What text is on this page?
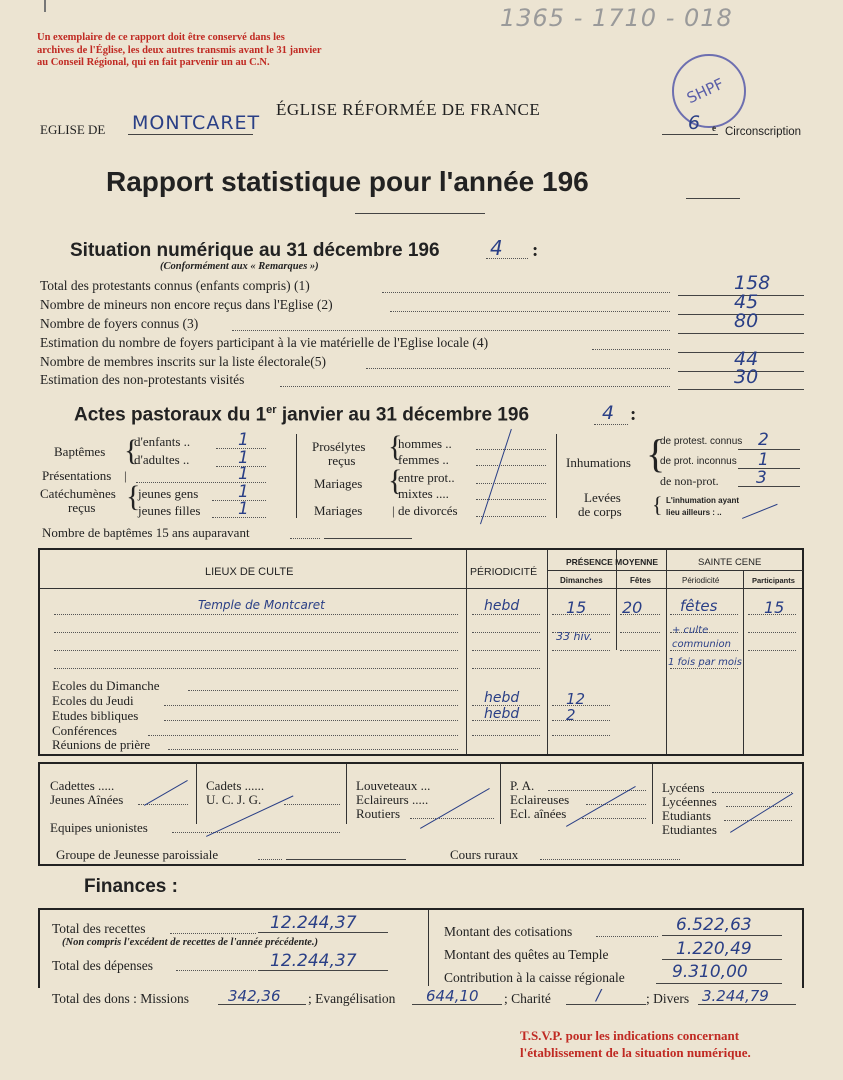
1365 - 1710 - 018
Un exemplaire de ce rapport doit être conservé dans les
archives de l'Église, les deux autres transmis avant le 31 janvier
au Conseil Régional, qui en fait parvenir un au C.N.
SHPF
ÉGLISE RÉFORMÉE DE FRANCE
EGLISE DE MONTCARET	6 e Circonscription
Rapport statistique pour l'année 196
Situation numérique au 31 décembre 196	4 :
(Conformément aux « Remarques »)
Total des protestants connus (enfants compris) (1)	158
Nombre de mineurs non encore reçus dans l'Eglise (2)	45
Nombre de foyers connus (3)	80
Estimation du nombre de foyers participant à la vie matérielle de l'Eglise locale (4)
Nombre de membres inscrits sur la liste électorale(5)	44
Estimation des non-protestants visités	30
Actes pastoraux du 1er janvier au 31 décembre 196	4 :
Baptêmes {
d'enfants ..	1
d'adultes ..	1
Présentations |	1
Catéchumènes
reçus {
jeunes gens 1
jeunes filles 1
Prosélytes
reçus {
hommes ..
femmes ..
Mariages {
entre prot..
mixtes ....
Mariages | de divorcés
Inhumations {
de protest. connus 2
de prot. inconnus 1
de non-prot. 3
Levées
de corps { L'inhumation ayant
lieu ailleurs : ..
Nombre de baptêmes 15 ans auparavant
LIEUX DE CULTE	PÉRIODICITÉ
PRÉSENCE MOYENNE
Dimanches	Fêtes
SAINTE CENE
Périodicité	Participants
Temple de Montcaret	hebd	15 20	fêtes	15
33 hiv.	+ culte communion
1 fois par mois
Ecoles du Dimanche
Ecoles du Jeudi	hebd	12
Etudes bibliques	hebd	2
Conférences
Réunions de prière
Cadettes .....
Jeunes Aînées
Cadets ......
U. C. J. G.
Louveteaux ...
Eclaireurs .....
Routiers
P. A.
Eclaireuses
Ecl. aînées
Lycéens
Lycéennes
Etudiants
Etudiantes
Equipes unionistes
Groupe de Jeunesse paroissiale	Cours ruraux
Finances :
Total des recettes	12.244,37
(Non compris l'excédent de recettes de l'année précédente.)
Total des dépenses	12.244,37
Montant des cotisations	6.522,63
Montant des quêtes au Temple	1.220,49
Contribution à la caisse régionale	9.310,00
Total des dons : Missions	342,36 ; Evangélisation 644,10 ; Charité	/	; Divers 3.244,79
T.S.V.P. pour les indications concernant
l'établissement de la situation numérique.
